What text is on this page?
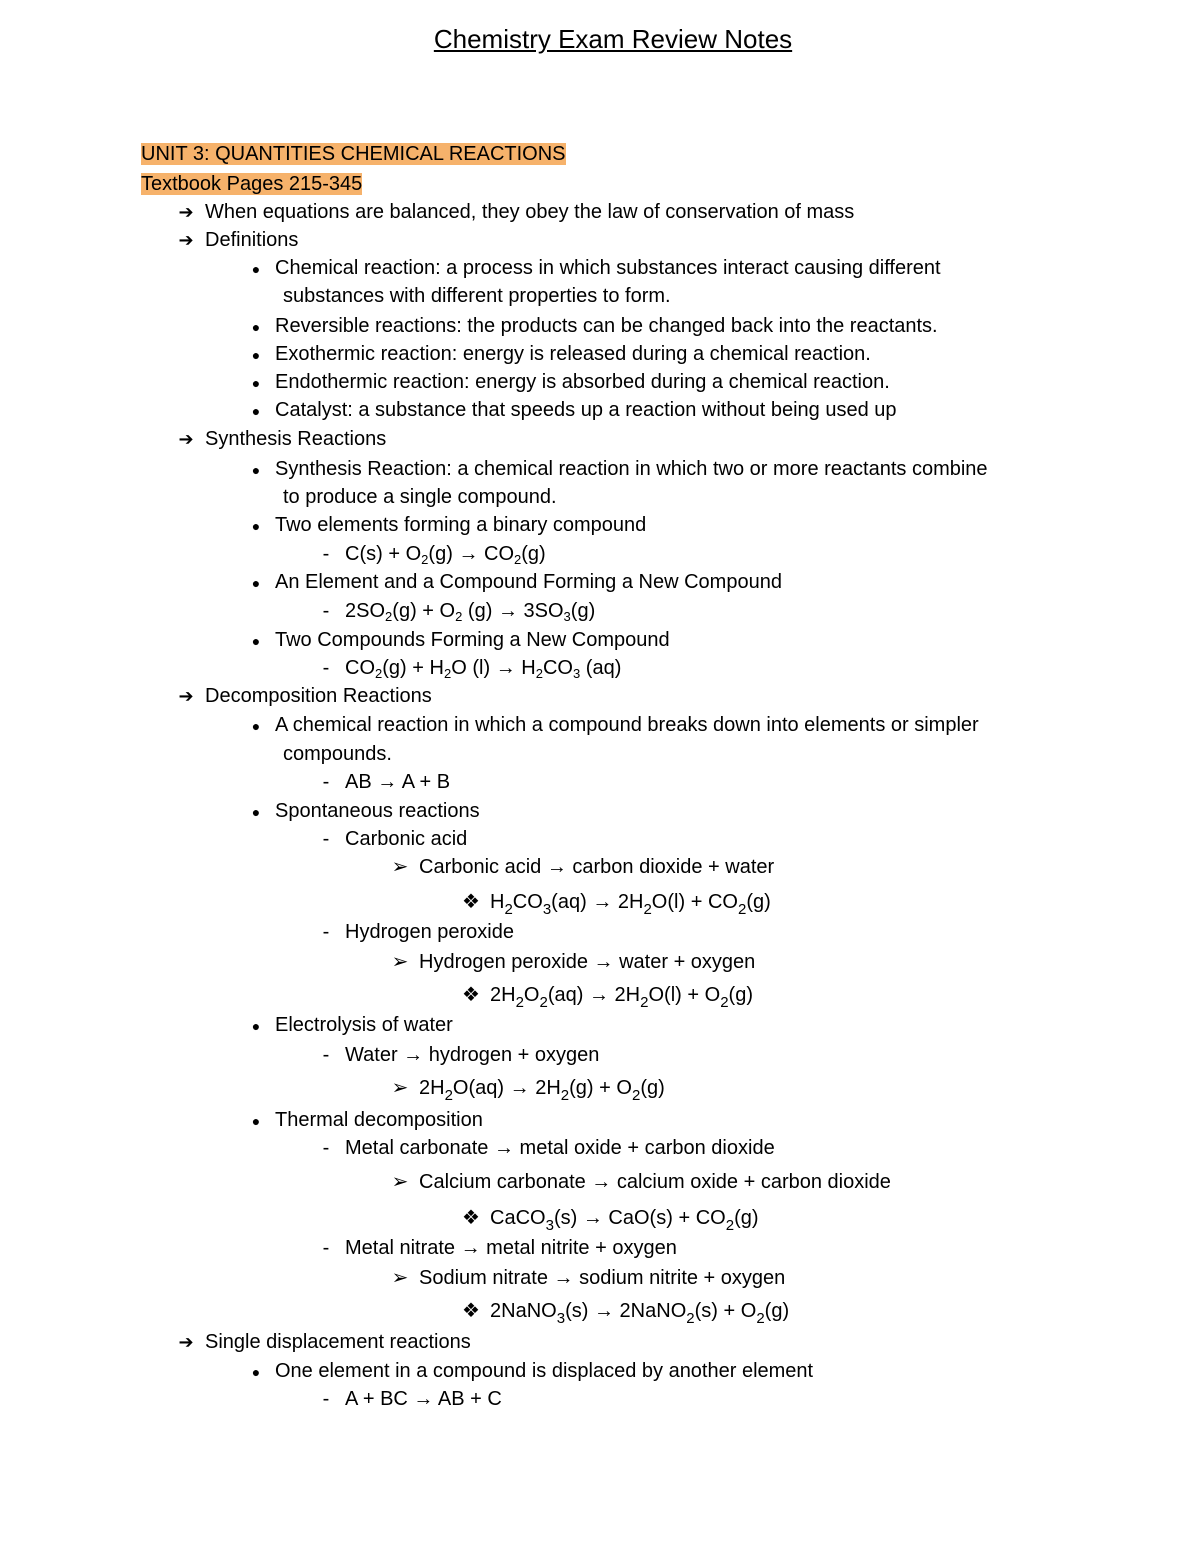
Chemistry Exam Review Notes
UNIT 3: QUANTITIES CHEMICAL REACTIONS
Textbook Pages 215-345
➔ When equations are balanced, they obey the law of conservation of mass
➔ Definitions
● Chemical reaction: a process in which substances interact causing different
substances with different properties to form.
● Reversible reactions: the products can be changed back into the reactants.
● Exothermic reaction: energy is released during a chemical reaction.
● Endothermic reaction: energy is absorbed during a chemical reaction.
● Catalyst: a substance that speeds up a reaction without being used up
➔ Synthesis Reactions
● Synthesis Reaction: a chemical reaction in which two or more reactants combine
to produce a single compound.
● Two elements forming a binary compound
- $C(s) + O_2(g) \to CO_2(g)$
● An Element and a Compound Forming a New Compound
- $2SO_2(g) + O_2$ $(g) \to 3SO_3(g)$
● Two Compounds Forming a New Compound
- $CO_2(g) + H_2O$ $(l) \to H_2CO_3$ (aq)
➔ Decomposition Reactions
● A chemical reaction in which a compound breaks down into elements or simpler
compounds.
- AB → A + B
● Spontaneous reactions
- Carbonic acid
➢ Carbonic acid → carbon dioxide + water
❖ $H_2CO_3(aq) \to 2H_2O(l) + CO_2(g)$
- Hydrogen peroxide
➢ Hydrogen peroxide → water + oxygen
❖ $2H_2O_2(aq) \to 2H_2O(l) + O_2(g)$
● Electrolysis of water
- Water → hydrogen + oxygen
➢ $2H_2O(aq) \to 2H_2(g) + O_2(g)$
● Thermal decomposition
- Metal carbonate → metal oxide + carbon dioxide
➢ Calcium carbonate → calcium oxide + carbon dioxide
❖ CaCO$_3$(s) → $CaO(s) + CO_2(g)$
- Metal nitrate → metal nitrite + oxygen
➢ Sodium nitrate → sodium nitrite + oxygen
❖ 2NaNO$_3$(s) → 2NaNO$_2$(s) + $O_2(g)$
➔ Single displacement reactions
● One element in a compound is displaced by another element
- A + BC → AB + C
